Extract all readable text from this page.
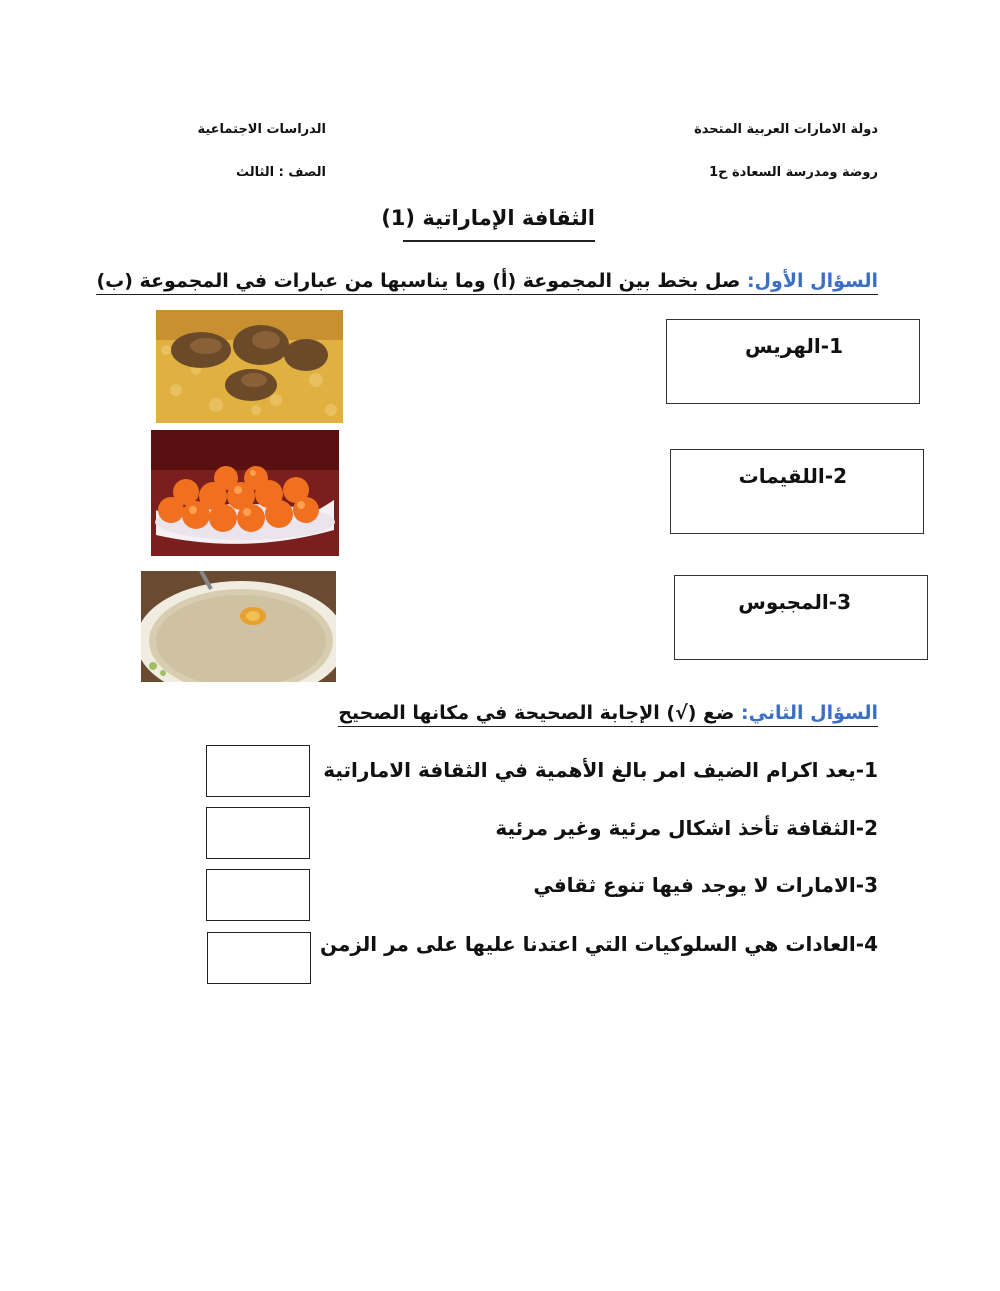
دولة الامارات العربية المتحدة
روضة ومدرسة السعادة ح1
الدراسات الاجتماعية
الصف : الثالث
الثقافة الإماراتية (1)
السؤال الأول: صل بخط بين المجموعة (أ) وما يناسبها من عبارات في المجموعة (ب)
1-الهريس
2-اللقيمات
3-المجبوس
السؤال الثاني: ضع (√) الإجابة الصحيحة في مكانها الصحيح
1-يعد اكرام الضيف امر بالغ الأهمية في الثقافة الاماراتية
2-الثقافة تأخذ اشكال مرئية وغير مرئية
3-الامارات لا يوجد فيها تنوع ثقافي
4-العادات هي السلوكيات التي اعتدنا عليها على مر الزمن
